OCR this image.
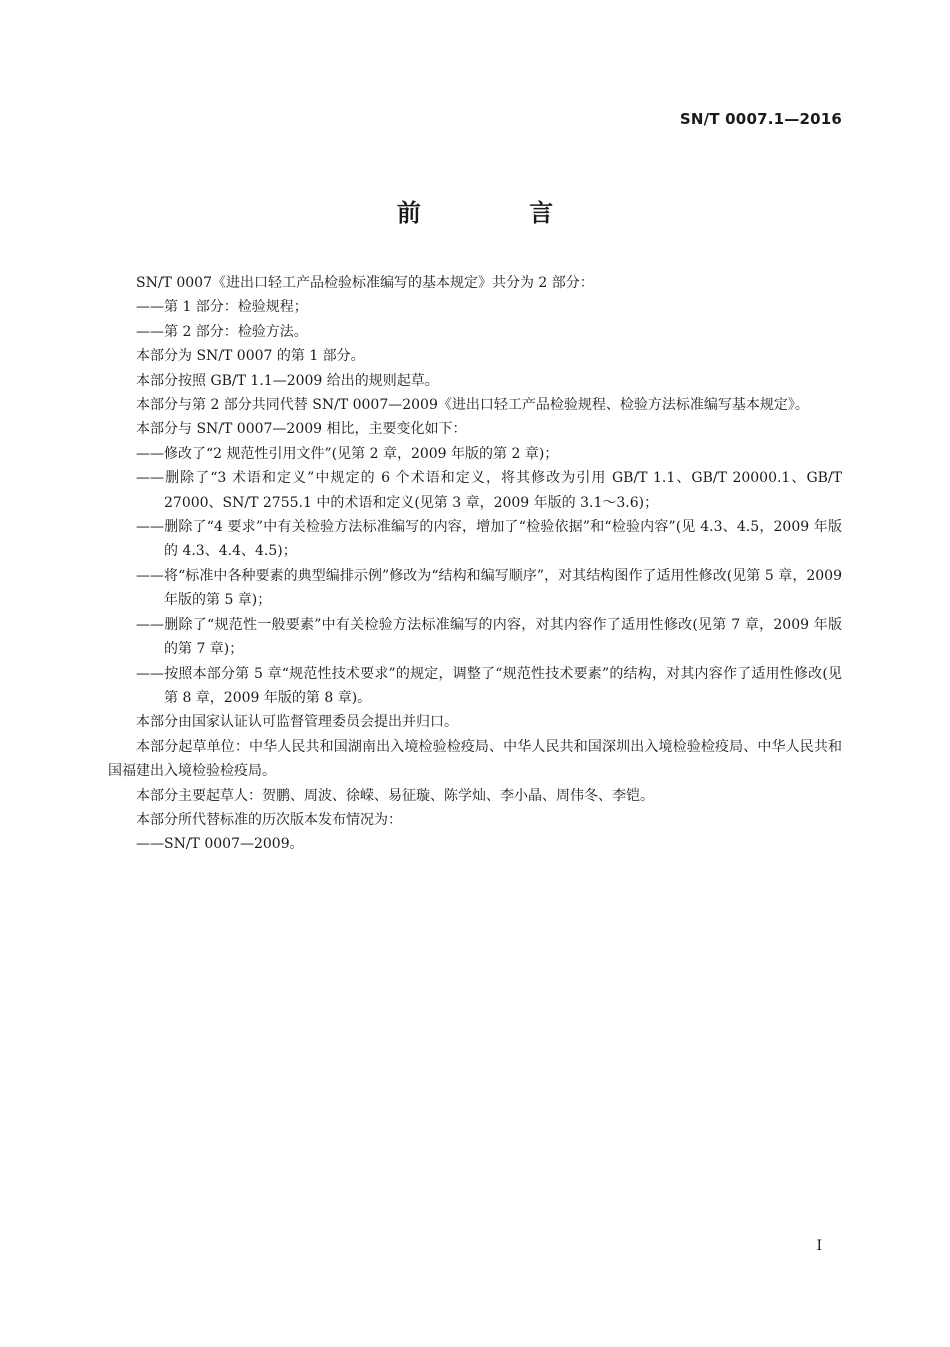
SN/T 0007.1—2016
前 言

SN/T 0007《进出口轻工产品检验标准编写的基本规定》共分为 2 部分：

——第 1 部分：检验规程；

——第 2 部分：检验方法。

本部分为 SN/T 0007 的第 1 部分。

本部分按照 GB/T 1.1—2009 给出的规则起草。

本部分与第 2 部分共同代替 SN/T 0007—2009《进出口轻工产品检验规程、检验方法标准编写基本规定》。

本部分与 SN/T 0007—2009 相比，主要变化如下：

——修改了“2 规范性引用文件”(见第 2 章，2009 年版的第 2 章)；

——删除了“3 术语和定义”中规定的 6 个术语和定义，将其修改为引用 GB/T 1.1、GB/T 20000.1、GB/T 27000、SN/T 2755.1 中的术语和定义(见第 3 章，2009 年版的 3.1～3.6)；

——删除了“4 要求”中有关检验方法标准编写的内容，增加了“检验依据”和“检验内容”(见 4.3、4.5，2009 年版的 4.3、4.4、4.5)；

——将“标准中各种要素的典型编排示例”修改为“结构和编写顺序”，对其结构图作了适用性修改(见第 5 章，2009 年版的第 5 章)；

——删除了“规范性一般要素”中有关检验方法标准编写的内容，对其内容作了适用性修改(见第 7 章，2009 年版的第 7 章)；

——按照本部分第 5 章“规范性技术要求”的规定，调整了“规范性技术要素”的结构，对其内容作了适用性修改(见第 8 章，2009 年版的第 8 章)。

本部分由国家认证认可监督管理委员会提出并归口。

本部分起草单位：中华人民共和国湖南出入境检验检疫局、中华人民共和国深圳出入境检验检疫局、中华人民共和国福建出入境检验检疫局。

本部分主要起草人：贺鹏、周波、徐嵘、易征璇、陈学灿、李小晶、周伟冬、李铠。

本部分所代替标准的历次版本发布情况为：

——SN/T 0007—2009。

I
